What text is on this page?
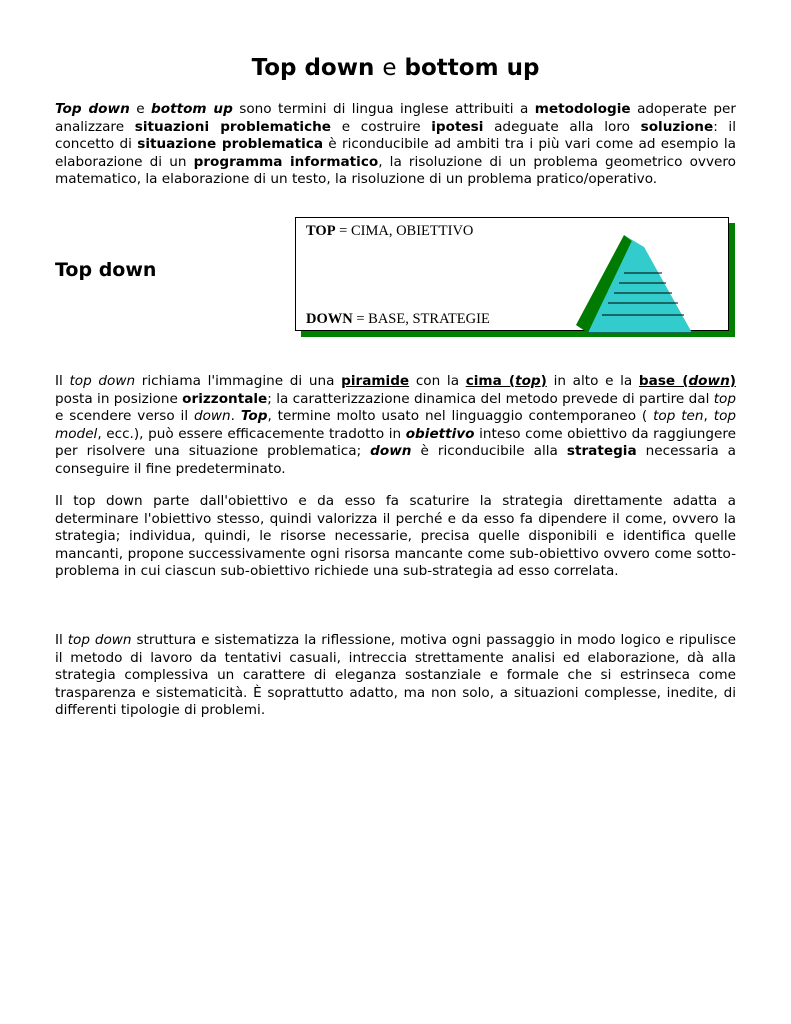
Top down e bottom up

Top down e bottom up sono termini di lingua inglese attribuiti a metodologie adoperate per analizzare situazioni problematiche e costruire ipotesi adeguate alla loro soluzione: il concetto di situazione problematica è riconducibile ad ambiti tra i più vari come ad esempio la elaborazione di un programma informatico, la risoluzione di un problema geometrico ovvero matematico, la elaborazione di un testo, la risoluzione di un problema pratico/operativo.

Top down

TOP = CIMA, OBIETTIVO

DOWN = BASE, STRATEGIE

Il top down richiama l'immagine di una piramide con la cima (top) in alto e la base (down) posta in posizione orizzontale; la caratterizzazione dinamica del metodo prevede di partire dal top e scendere verso il down. Top, termine molto usato nel linguaggio contemporaneo ( top ten, top model, ecc.), può essere efficacemente tradotto in obiettivo inteso come obiettivo da raggiungere per risolvere una situazione problematica; down è riconducibile alla strategia necessaria a conseguire il fine predeterminato.

Il top down parte dall'obiettivo e da esso fa scaturire la strategia direttamente adatta a determinare l'obiettivo stesso, quindi valorizza il perché e da esso fa dipendere il come, ovvero la strategia; individua, quindi, le risorse necessarie, precisa quelle disponibili e identifica quelle mancanti, propone successivamente ogni risorsa mancante come sub-obiettivo ovvero come sotto-problema in cui ciascun sub-obiettivo richiede una sub-strategia ad esso correlata.

Il top down struttura e sistematizza la riflessione, motiva ogni passaggio in modo logico e ripulisce il metodo di lavoro da tentativi casuali, intreccia strettamente analisi ed elaborazione, dà alla strategia complessiva un carattere di eleganza sostanziale e formale che si estrinseca come trasparenza e sistematicità. È soprattutto adatto, ma non solo, a situazioni complesse, inedite, di differenti tipologie di problemi.
